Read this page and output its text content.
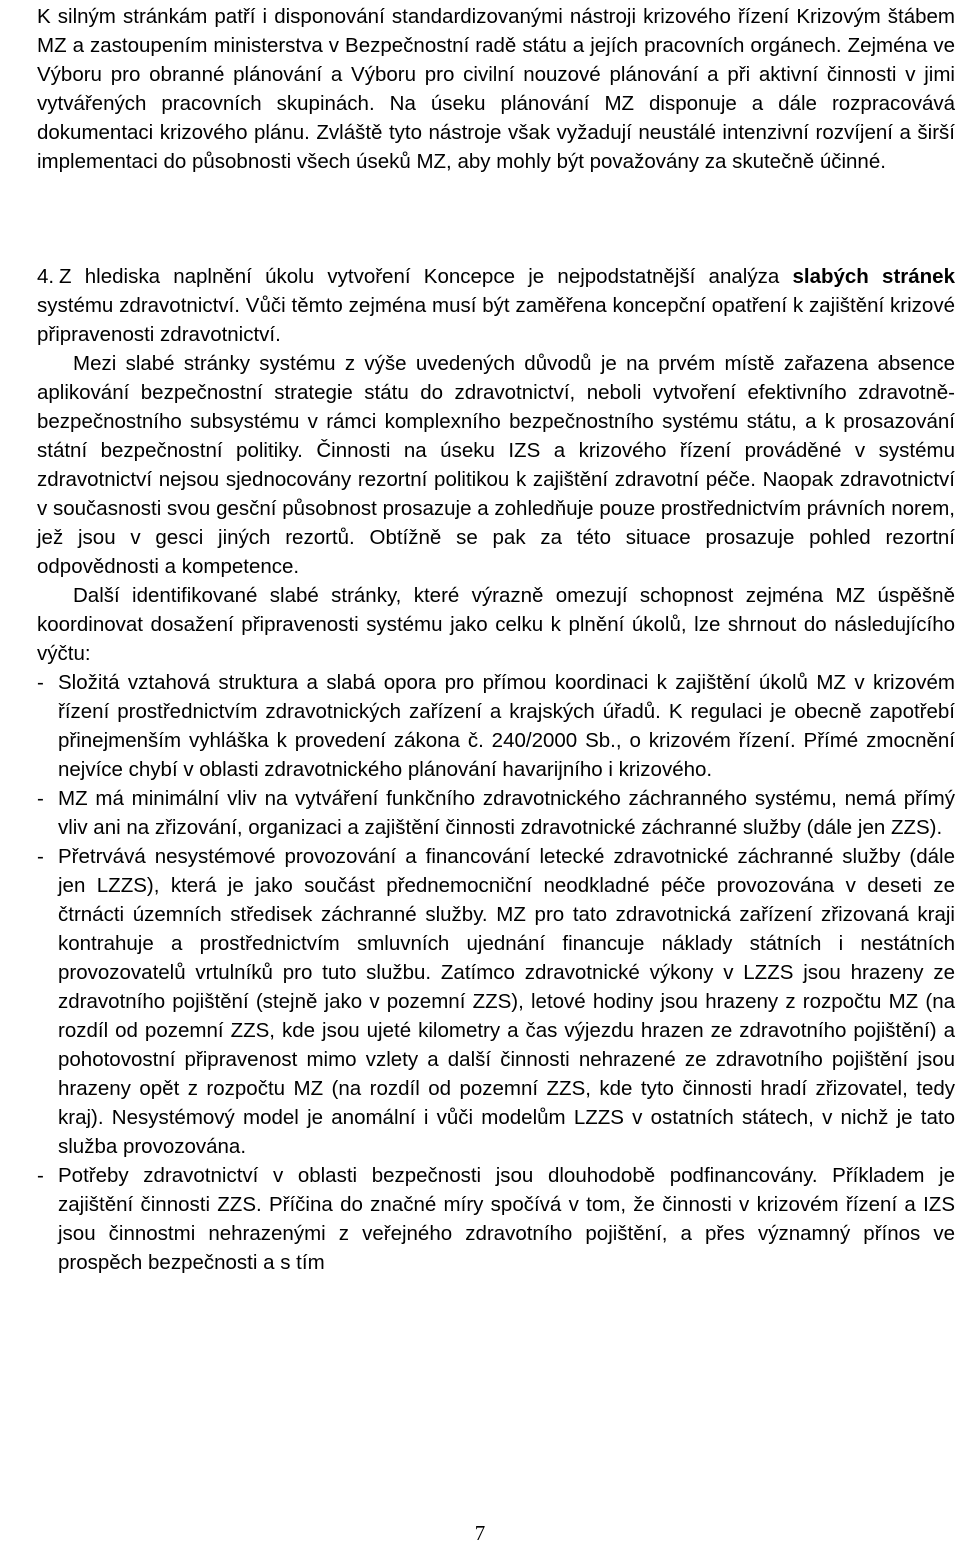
K silným stránkám patří i disponování standardizovanými nástroji krizového řízení Krizovým štábem MZ a zastoupením ministerstva v Bezpečnostní radě státu a jejích pracovních orgánech. Zejména ve Výboru pro obranné plánování a Výboru pro civilní nouzové plánování a při aktivní činnosti v jimi vytvářených pracovních skupinách. Na úseku plánování MZ disponuje a dále rozpracovává dokumentaci krizového plánu. Zvláště tyto nástroje však vyžadují neustálé intenzivní rozvíjení a širší implementaci do působnosti všech úseků MZ, aby mohly být považovány za skutečně účinné.

4. Z hlediska naplnění úkolu vytvoření Koncepce je nejpodstatnější analýza slabých stránek systému zdravotnictví. Vůči těmto zejména musí být zaměřena koncepční opatření k zajištění krizové připravenosti zdravotnictví.

Mezi slabé stránky systému z výše uvedených důvodů je na prvém místě zařazena absence aplikování bezpečnostní strategie státu do zdravotnictví, neboli vytvoření efektivního zdravotně-bezpečnostního subsystému v rámci komplexního bezpečnostního systému státu, a k prosazování státní bezpečnostní politiky. Činnosti na úseku IZS a krizového řízení prováděné v systému zdravotnictví nejsou sjednocovány rezortní politikou k zajištění zdravotní péče. Naopak zdravotnictví v současnosti svou gesční působnost prosazuje a zohledňuje pouze prostřednictvím právních norem, jež jsou v gesci jiných rezortů. Obtížně se pak za této situace prosazuje pohled rezortní odpovědnosti a kompetence.

Další identifikované slabé stránky, které výrazně omezují schopnost zejména MZ úspěšně koordinovat dosažení připravenosti systému jako celku k plnění úkolů, lze shrnout do následujícího výčtu:

- Složitá vztahová struktura a slabá opora pro přímou koordinaci k zajištění úkolů MZ v krizovém řízení prostřednictvím zdravotnických zařízení a krajských úřadů. K regulaci je obecně zapotřebí přinejmenším vyhláška k provedení zákona č. 240/2000 Sb., o krizovém řízení. Přímé zmocnění nejvíce chybí v oblasti zdravotnického plánování havarijního i krizového.
- MZ má minimální vliv na vytváření funkčního zdravotnického záchranného systému, nemá přímý vliv ani na zřizování, organizaci a zajištění činnosti zdravotnické záchranné služby (dále jen ZZS).
- Přetrvává nesystémové provozování a financování letecké zdravotnické záchranné služby (dále jen LZZS), která je jako součást přednemocniční neodkladné péče provozována v deseti ze čtrnácti územních středisek záchranné služby. MZ pro tato zdravotnická zařízení zřizovaná kraji kontrahuje a prostřednictvím smluvních ujednání financuje náklady státních i nestátních provozovatelů vrtulníků pro tuto službu. Zatímco zdravotnické výkony v LZZS jsou hrazeny ze zdravotního pojištění (stejně jako v pozemní ZZS), letové hodiny jsou hrazeny z rozpočtu MZ (na rozdíl od pozemní ZZS, kde jsou ujeté kilometry a čas výjezdu hrazen ze zdravotního pojištění) a pohotovostní připravenost mimo vzlety a další činnosti nehrazené ze zdravotního pojištění jsou hrazeny opět z rozpočtu MZ (na rozdíl od pozemní ZZS, kde tyto činnosti hradí zřizovatel, tedy kraj). Nesystémový model je anomální i vůči modelům LZZS v ostatních státech, v nichž je tato služba provozována.
- Potřeby zdravotnictví v oblasti bezpečnosti jsou dlouhodobě podfinancovány. Příkladem je zajištění činnosti ZZS. Příčina do značné míry spočívá v tom, že činnosti v krizovém řízení a IZS jsou činnostmi nehrazenými z veřejného zdravotního pojištění, a přes významný přínos ve prospěch bezpečnosti a s tím
7
